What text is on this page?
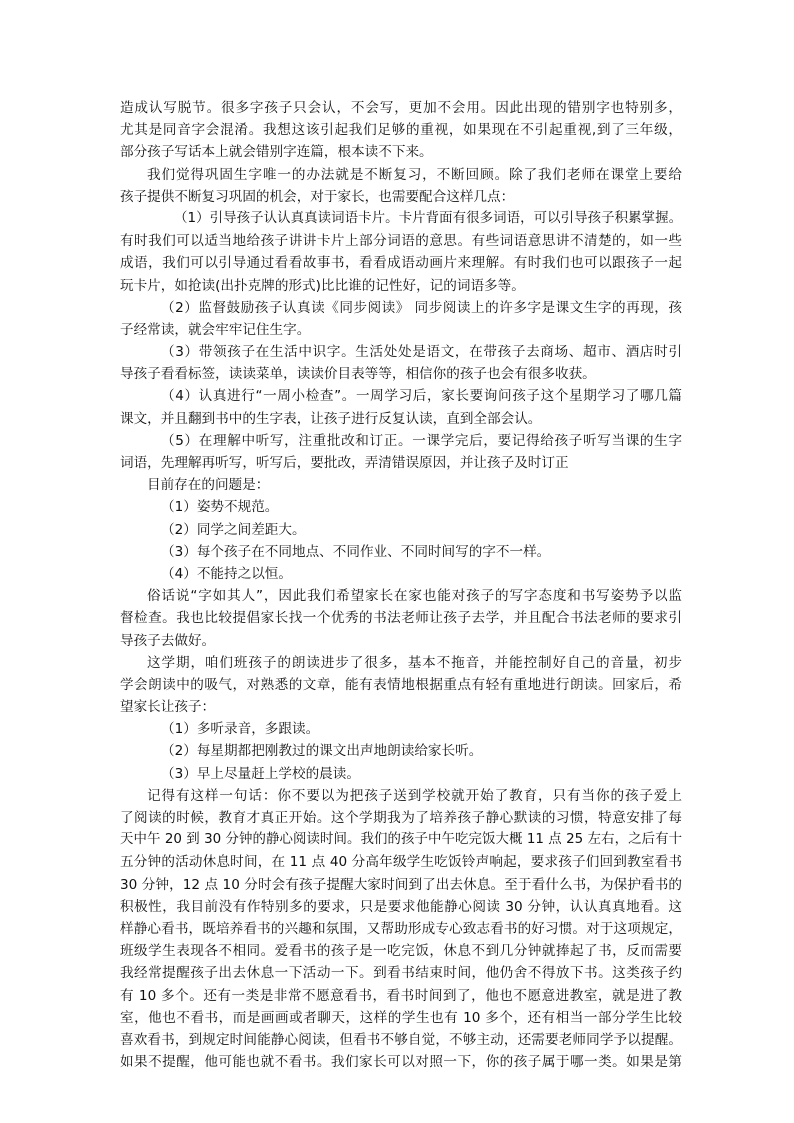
造成认写脱节。很多字孩子只会认，不会写，更加不会用。因此出现的错别字也特别多，
尤其是同音字会混淆。我想这该引起我们足够的重视，如果现在不引起重视,到了三年级，
部分孩子写话本上就会错别字连篇，根本读不下来。
我们觉得巩固生字唯一的办法就是不断复习，不断回顾。除了我们老师在课堂上要给
孩子提供不断复习巩固的机会，对于家长，也需要配合这样几点：
（1）引导孩子认认真真读词语卡片。卡片背面有很多词语，可以引导孩子积累掌握。
有时我们可以适当地给孩子讲讲卡片上部分词语的意思。有些词语意思讲不清楚的，如一些
成语，我们可以引导通过看看故事书，看看成语动画片来理解。有时我们也可以跟孩子一起
玩卡片，如抢读(出扑克牌的形式)比比谁的记性好，记的词语多等。
（2）监督鼓励孩子认真读《同步阅读》 同步阅读上的许多字是课文生字的再现，孩
子经常读，就会牢牢记住生字。
（3）带领孩子在生活中识字。生活处处是语文，在带孩子去商场、超市、酒店时引
导孩子看看标签，读读菜单，读读价目表等等，相信你的孩子也会有很多收获。
（4）认真进行“一周小检查”。一周学习后，家长要询问孩子这个星期学习了哪几篇
课文，并且翻到书中的生字表，让孩子进行反复认读，直到全部会认。
（5）在理解中听写，注重批改和订正。一课学完后，要记得给孩子听写当课的生字
词语，先理解再听写，听写后，要批改，弄清错误原因，并让孩子及时订正
目前存在的问题是：
（1）姿势不规范。
（2）同学之间差距大。
（3）每个孩子在不同地点、不同作业、不同时间写的字不一样。
（4）不能持之以恒。
俗话说“字如其人”，因此我们希望家长在家也能对孩子的写字态度和书写姿势予以监
督检查。我也比较提倡家长找一个优秀的书法老师让孩子去学，并且配合书法老师的要求引
导孩子去做好。
这学期，咱们班孩子的朗读进步了很多，基本不拖音，并能控制好自己的音量，初步
学会朗读中的吸气，对熟悉的文章，能有表情地根据重点有轻有重地进行朗读。回家后，希
望家长让孩子：
（1）多听录音，多跟读。
（2）每星期都把刚教过的课文出声地朗读给家长听。
（3）早上尽量赶上学校的晨读。
记得有这样一句话：你不要以为把孩子送到学校就开始了教育，只有当你的孩子爱上
了阅读的时候，教育才真正开始。这个学期我为了培养孩子静心默读的习惯，特意安排了每
天中午 20 到 30 分钟的静心阅读时间。我们的孩子中午吃完饭大概 11 点 25 左右，之后有十
五分钟的活动休息时间，在 11 点 40 分高年级学生吃饭铃声响起，要求孩子们回到教室看书
30 分钟，12 点 10 分时会有孩子提醒大家时间到了出去休息。至于看什么书，为保护看书的
积极性，我目前没有作特别多的要求，只是要求他能静心阅读 30 分钟，认认真真地看。这
样静心看书，既培养看书的兴趣和氛围，又帮助形成专心致志看书的好习惯。对于这项规定，
班级学生表现各不相同。爱看书的孩子是一吃完饭，休息不到几分钟就捧起了书，反而需要
我经常提醒孩子出去休息一下活动一下。到看书结束时间，他仍舍不得放下书。这类孩子约
有 10 多个。还有一类是非常不愿意看书，看书时间到了，他也不愿意进教室，就是进了教
室，他也不看书，而是画画或者聊天，这样的学生也有 10 多个，还有相当一部分学生比较
喜欢看书，到规定时间能静心阅读，但看书不够自觉，不够主动，还需要老师同学予以提醒。
如果不提醒，他可能也就不看书。我们家长可以对照一下，你的孩子属于哪一类。如果是第
